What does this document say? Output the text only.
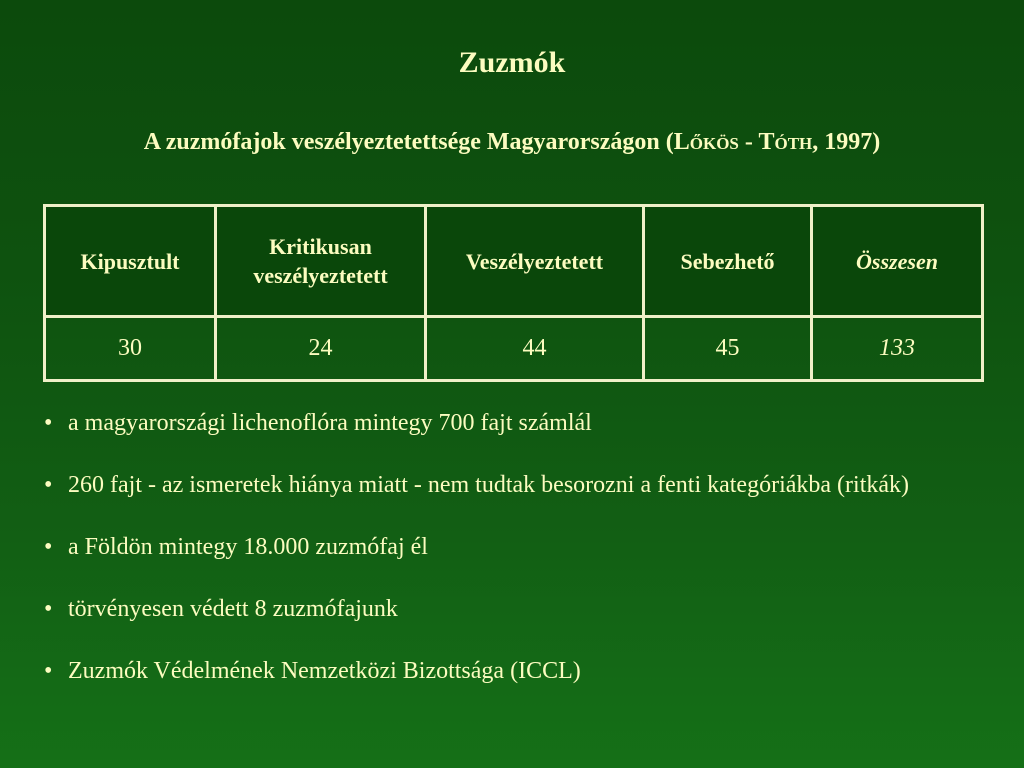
Zuzmók
A zuzmófajok veszélyeztetettsége Magyarországon (LŐKÖS - TÓTH, 1997)
Kipusztult	Kritikusan veszélyeztetett	Veszélyeztetett	Sebezhető	Összesen
30	24	44	45	133
• a magyarországi lichenoflóra mintegy 700 fajt számlál
• 260 fajt - az ismeretek hiánya miatt - nem tudtak besorozni a fenti kategóriákba (ritkák)
• a Földön mintegy 18.000 zuzmófaj él
• törvényesen védett 8 zuzmófajunk
• Zuzmók Védelmének Nemzetközi Bizottsága (ICCL)
